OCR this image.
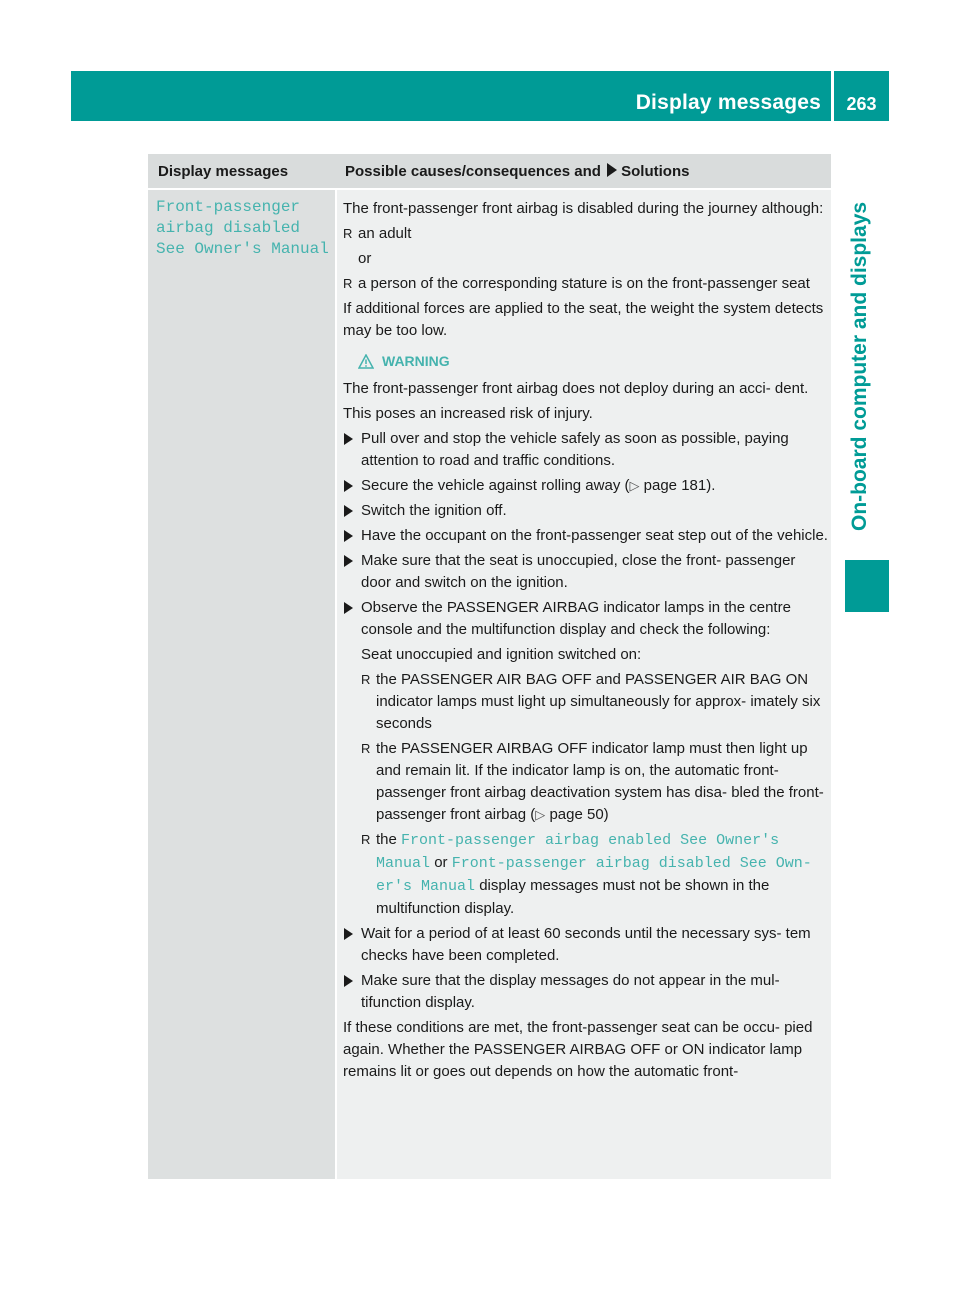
Display messages	263
On-board computer and displays
Display messages	Possible causes/consequences and Solutions
Front-passenger
airbag disabled
See Owner's Manual

The front-passenger front airbag is disabled during the journey although:

R an adult
or
R a person of the corresponding stature is on the front-passenger seat

If additional forces are applied to the seat, the weight the system detects may be too low.

WARNING

The front-passenger front airbag does not deploy during an acci- dent.

This poses an increased risk of injury.

Pull over and stop the vehicle safely as soon as possible, paying attention to road and traffic conditions.
Secure the vehicle against rolling away (▷ page 181).
Switch the ignition off.
Have the occupant on the front-passenger seat step out of the vehicle.
Make sure that the seat is unoccupied, close the front- passenger door and switch on the ignition.
Observe the PASSENGER AIRBAG indicator lamps in the centre console and the multifunction display and check the following:
Seat unoccupied and ignition switched on:
R the PASSENGER AIR BAG OFF and PASSENGER AIR BAG ON indicator lamps must light up simultaneously for approx- imately six seconds
R the PASSENGER AIRBAG OFF indicator lamp must then light up and remain lit. If the indicator lamp is on, the automatic front-passenger front airbag deactivation system has disa- bled the front-passenger front airbag (▷ page 50)
R the Front-passenger airbag enabled See Owner's Manual or Front-passenger airbag disabled See Own‐ er's Manual display messages must not be shown in the multifunction display.
Wait for a period of at least 60 seconds until the necessary sys- tem checks have been completed.
Make sure that the display messages do not appear in the mul- tifunction display.

If these conditions are met, the front-passenger seat can be occu- pied again. Whether the PASSENGER AIRBAG OFF or ON indicator lamp remains lit or goes out depends on how the automatic front-
